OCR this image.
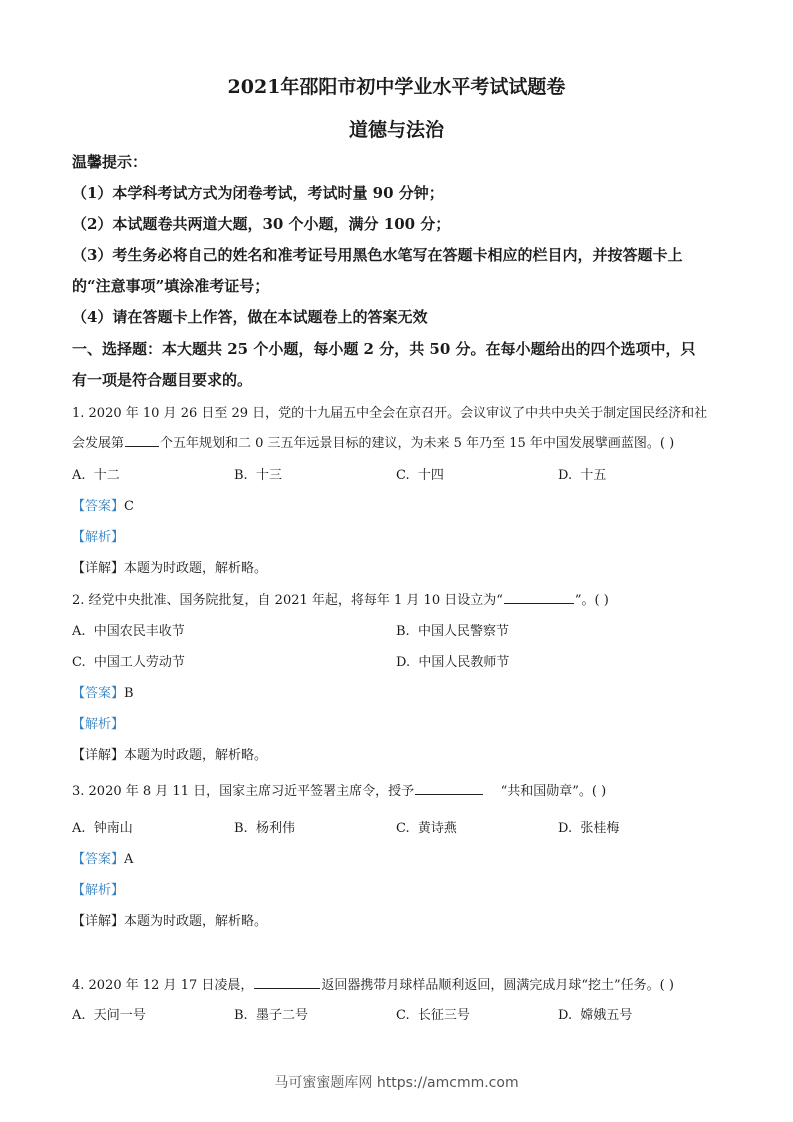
2021年邵阳市初中学业水平考试试题卷
道德与法治
温馨提示：
（1）本学科考试方式为闭卷考试，考试时量 90 分钟；
（2）本试题卷共两道大题，30 个小题，满分 100 分；
（3）考生务必将自己的姓名和准考证号用黑色水笔写在答题卡相应的栏目内，并按答题卡上
的“注意事项”填涂准考证号；
（4）请在答题卡上作答，做在本试题卷上的答案无效
一、选择题：本大题共 25 个小题，每小题 2 分，共 50 分。在每小题给出的四个选项中，只
有一项是符合题目要求的。
1. 2020 年 10 月 26 日至 29 日，党的十九届五中全会在京召开。会议审议了中共中央关于制定国民经济和社
会发展第	个五年规划和二 0 三五年远景目标的建议，为未来 5 年乃至 15 年中国发展擘画蓝图。( )
A. 十二	B. 十三	C. 十四	D. 十五
【答案】C
【解析】
【详解】本题为时政题，解析略。
2. 经党中央批准、国务院批复，自 2021 年起，将每年 1 月 10 日设立为“	”。( )
A. 中国农民丰收节	B. 中国人民警察节
C. 中国工人劳动节	D. 中国人民教师节
【答案】B
【解析】
【详解】本题为时政题，解析略。
3. 2020 年 8 月 11 日，国家主席习近平签署主席令，授予	“共和国勋章”。( )
A. 钟南山	B. 杨利伟	C. 黄诗燕	D. 张桂梅
【答案】A
【解析】
【详解】本题为时政题，解析略。
4. 2020 年 12 月 17 日凌晨，	返回器携带月球样品顺利返回，圆满完成月球“挖土”任务。( )
A. 天问一号	B. 墨子二号	C. 长征三号	D. 嫦娥五号
马可蜜蜜题库网 https://amcmm.com
